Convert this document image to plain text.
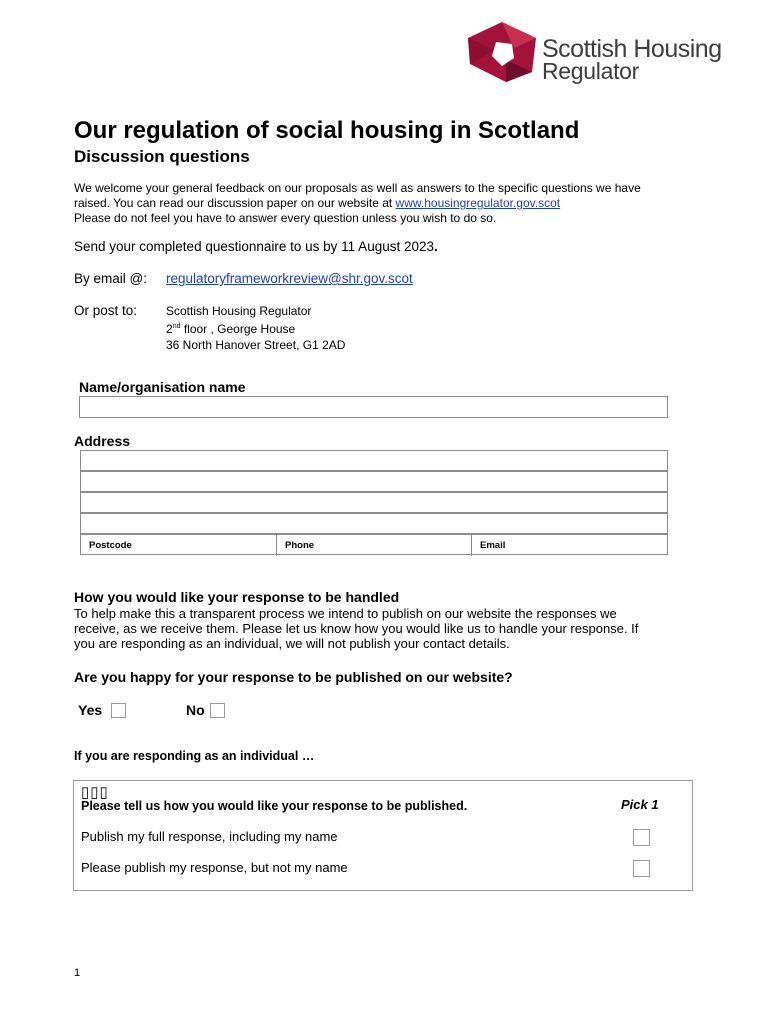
Scottish Housing
Regulator
Our regulation of social housing in Scotland
Discussion questions
We welcome your general feedback on our proposals as well as answers to the specific questions we have
raised. You can read our discussion paper on our website at www.housingregulator.gov.scot
Please do not feel you have to answer every question unless you wish to do so.
Send your completed questionnaire to us by 11 August 2023.
By email @: regulatoryframeworkreview@shr.gov.scot
Or post to: Scottish Housing Regulator
2nd floor , George House
36 North Hanover Street, G1 2AD
Name/organisation name
Address
Postcode	Phone	Email
How you would like your response to be handled
To help make this a transparent process we intend to publish on our website the responses we
receive, as we receive them. Please let us know how you would like us to handle your response. If
you are responding as an individual, we will not publish your contact details.
Are you happy for your response to be published on our website?
Yes	No
If you are responding as an individual …
▯▯▯
Please tell us how you would like your response to be published.	Pick 1
Publish my full response, including my name
Please publish my response, but not my name
1
